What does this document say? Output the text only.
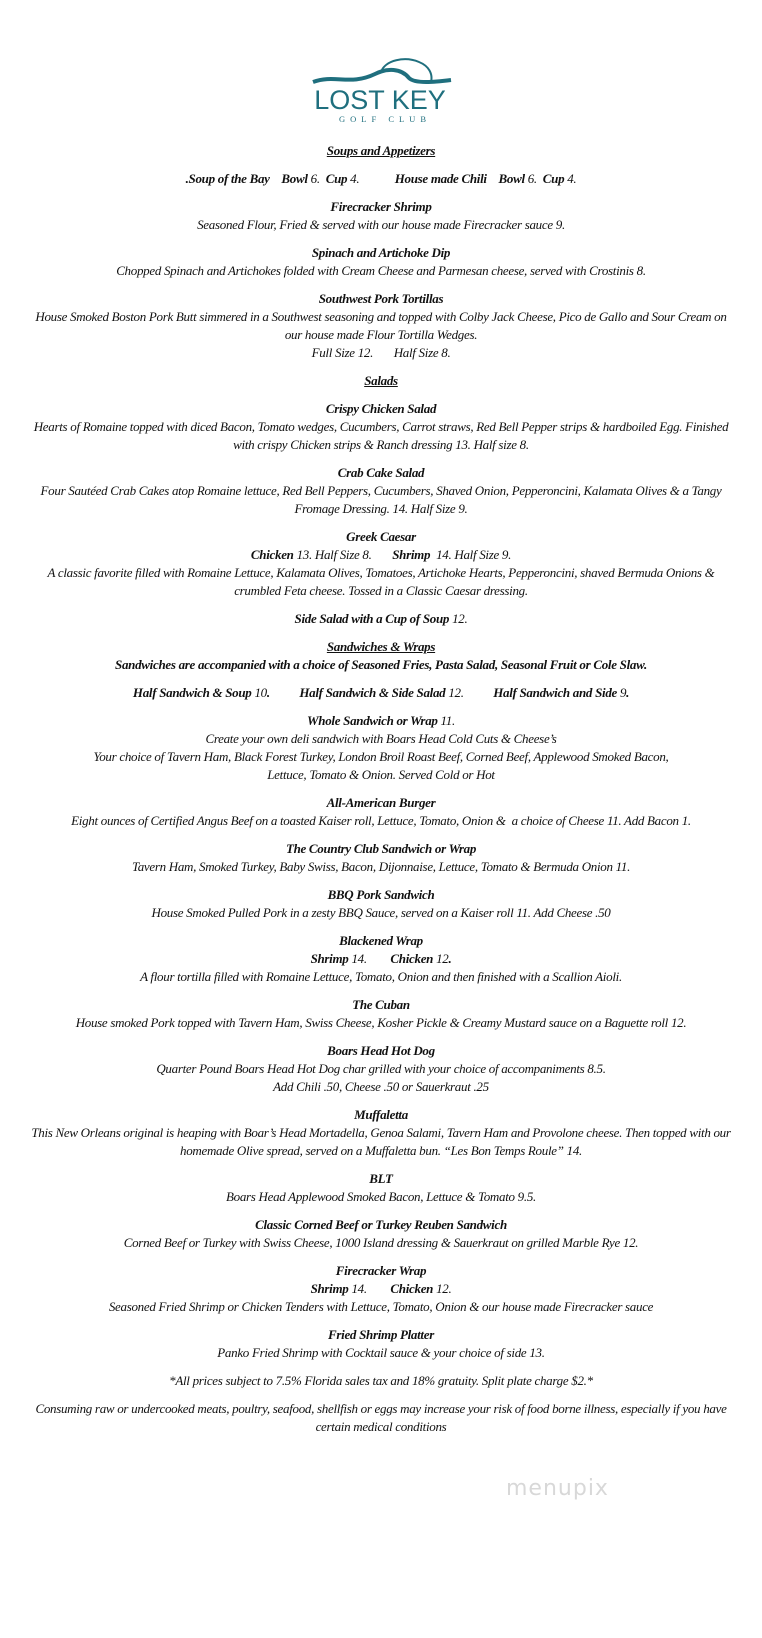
LOST KEY
GOLF CLUB
Soups and Appetizers
.Soup of the Bay    Bowl 6.  Cup 4.            House made Chili    Bowl 6.  Cup 4.
Firecracker Shrimp
Seasoned Flour, Fried & served with our house made Firecracker sauce 9.
Spinach and Artichoke Dip
Chopped Spinach and Artichokes folded with Cream Cheese and Parmesan cheese, served with Crostinis 8.
Southwest Pork Tortillas
House Smoked Boston Pork Butt simmered in a Southwest seasoning and topped with Colby Jack Cheese, Pico de Gallo and Sour Cream on
our house made Flour Tortilla Wedges.
Full Size 12.       Half Size 8.
Salads
Crispy Chicken Salad
Hearts of Romaine topped with diced Bacon, Tomato wedges, Cucumbers, Carrot straws, Red Bell Pepper strips & hardboiled Egg. Finished
with crispy Chicken strips & Ranch dressing 13. Half size 8.
Crab Cake Salad
Four Sautéed Crab Cakes atop Romaine lettuce, Red Bell Peppers, Cucumbers, Shaved Onion, Pepperoncini, Kalamata Olives & a Tangy
Fromage Dressing. 14. Half Size 9.
Greek Caesar
Chicken 13. Half Size 8.       Shrimp  14. Half Size 9.
A classic favorite filled with Romaine Lettuce, Kalamata Olives, Tomatoes, Artichoke Hearts, Pepperoncini, shaved Bermuda Onions &
crumbled Feta cheese. Tossed in a Classic Caesar dressing.
Side Salad with a Cup of Soup 12.
Sandwiches & Wraps
Sandwiches are accompanied with a choice of Seasoned Fries, Pasta Salad, Seasonal Fruit or Cole Slaw.
Half Sandwich & Soup 10.          Half Sandwich & Side Salad 12.          Half Sandwich and Side 9.
Whole Sandwich or Wrap 11.
Create your own deli sandwich with Boars Head Cold Cuts & Cheese’s
Your choice of Tavern Ham, Black Forest Turkey, London Broil Roast Beef, Corned Beef, Applewood Smoked Bacon,
Lettuce, Tomato & Onion. Served Cold or Hot
All-American Burger
Eight ounces of Certified Angus Beef on a toasted Kaiser roll, Lettuce, Tomato, Onion &  a choice of Cheese 11. Add Bacon 1.
The Country Club Sandwich or Wrap
Tavern Ham, Smoked Turkey, Baby Swiss, Bacon, Dijonnaise, Lettuce, Tomato & Bermuda Onion 11.
BBQ Pork Sandwich
House Smoked Pulled Pork in a zesty BBQ Sauce, served on a Kaiser roll 11. Add Cheese .50
Blackened Wrap
Shrimp 14.        Chicken 12.
A flour tortilla filled with Romaine Lettuce, Tomato, Onion and then finished with a Scallion Aioli.
The Cuban
House smoked Pork topped with Tavern Ham, Swiss Cheese, Kosher Pickle & Creamy Mustard sauce on a Baguette roll 12.
Boars Head Hot Dog
Quarter Pound Boars Head Hot Dog char grilled with your choice of accompaniments 8.5.
Add Chili .50, Cheese .50 or Sauerkraut .25
Muffaletta
This New Orleans original is heaping with Boar’s Head Mortadella, Genoa Salami, Tavern Ham and Provolone cheese. Then topped with our
homemade Olive spread, served on a Muffaletta bun. “Les Bon Temps Roule” 14.
BLT
Boars Head Applewood Smoked Bacon, Lettuce & Tomato 9.5.
Classic Corned Beef or Turkey Reuben Sandwich
Corned Beef or Turkey with Swiss Cheese, 1000 Island dressing & Sauerkraut on grilled Marble Rye 12.
Firecracker Wrap
Shrimp 14.        Chicken 12.
Seasoned Fried Shrimp or Chicken Tenders with Lettuce, Tomato, Onion & our house made Firecracker sauce
Fried Shrimp Platter
Panko Fried Shrimp with Cocktail sauce & your choice of side 13.
*All prices subject to 7.5% Florida sales tax and 18% gratuity. Split plate charge $2.*
Consuming raw or undercooked meats, poultry, seafood, shellfish or eggs may increase your risk of food borne illness, especially if you have
certain medical conditions
menupix
